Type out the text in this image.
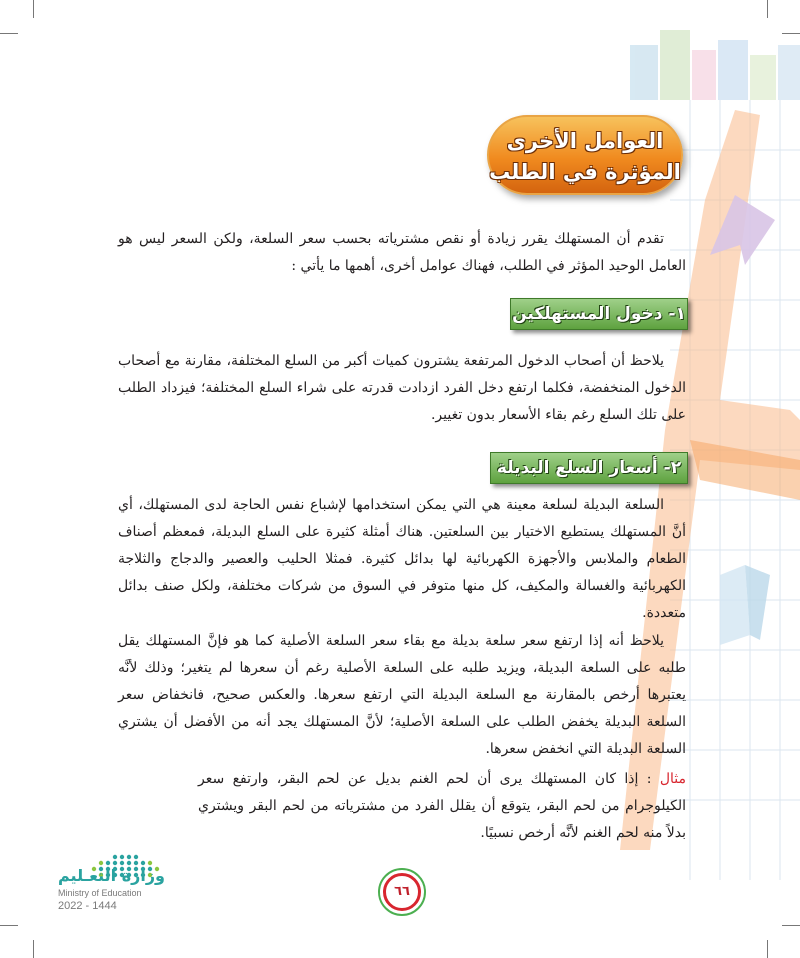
العوامل الأخرى
المؤثرة في الطلب

تقدم أن المستهلك يقرر زيادة أو نقص مشترياته بحسب سعر السلعة، ولكن السعر ليس هو العامل الوحيد المؤثر في الطلب، فهناك عوامل أخرى، أهمها ما يأتي :

١- دخول المستهلكين

يلاحظ أن أصحاب الدخول المرتفعة يشترون كميات أكبر من السلع المختلفة، مقارنة مع أصحاب الدخول المنخفضة، فكلما ارتفع دخل الفرد ازدادت قدرته على شراء السلع المختلفة؛ فيزداد الطلب على تلك السلع رغم بقاء الأسعار بدون تغيير.

٢- أسعار السلع البديلة

السلعة البديلة لسلعة معينة هي التي يمكن استخدامها لإشباع نفس الحاجة لدى المستهلك، أي أنَّ المستهلك يستطيع الاختيار بين السلعتين. هناك أمثلة كثيرة على السلع البديلة، فمعظم أصناف الطعام والملابس والأجهزة الكهربائية لها بدائل كثيرة. فمثلا الحليب والعصير والدجاج والثلاجة الكهربائية والغسالة والمكيف، كل منها متوفر في السوق من شركات مختلفة، ولكل صنف بدائل متعددة.

يلاحظ أنه إذا ارتفع سعر سلعة بديلة مع بقاء سعر السلعة الأصلية كما هو فإنَّ المستهلك يقل طلبه على السلعة البديلة، ويزيد طلبه على السلعة الأصلية رغم أن سعرها لم يتغير؛ وذلك لأنَّه يعتبرها أرخص بالمقارنة مع السلعة البديلة التي ارتفع سعرها. والعكس صحيح، فانخفاض سعر السلعة البديلة يخفض الطلب على السلعة الأصلية؛ لأنَّ المستهلك يجد أنه من الأفضل أن يشتري السلعة البديلة التي انخفض سعرها.

مثال : إذا كان المستهلك يرى أن لحم الغنم بديل عن لحم البقر، وارتفع سعر الكيلوجرام من لحم البقر، يتوقع أن يقلل الفرد من مشترياته من لحم البقر ويشتري بدلاً منه لحم الغنم لأنَّه أرخص نسبيًا.

وزارة التعـليم
Ministry of Education
2022 - 1444
٦٦
